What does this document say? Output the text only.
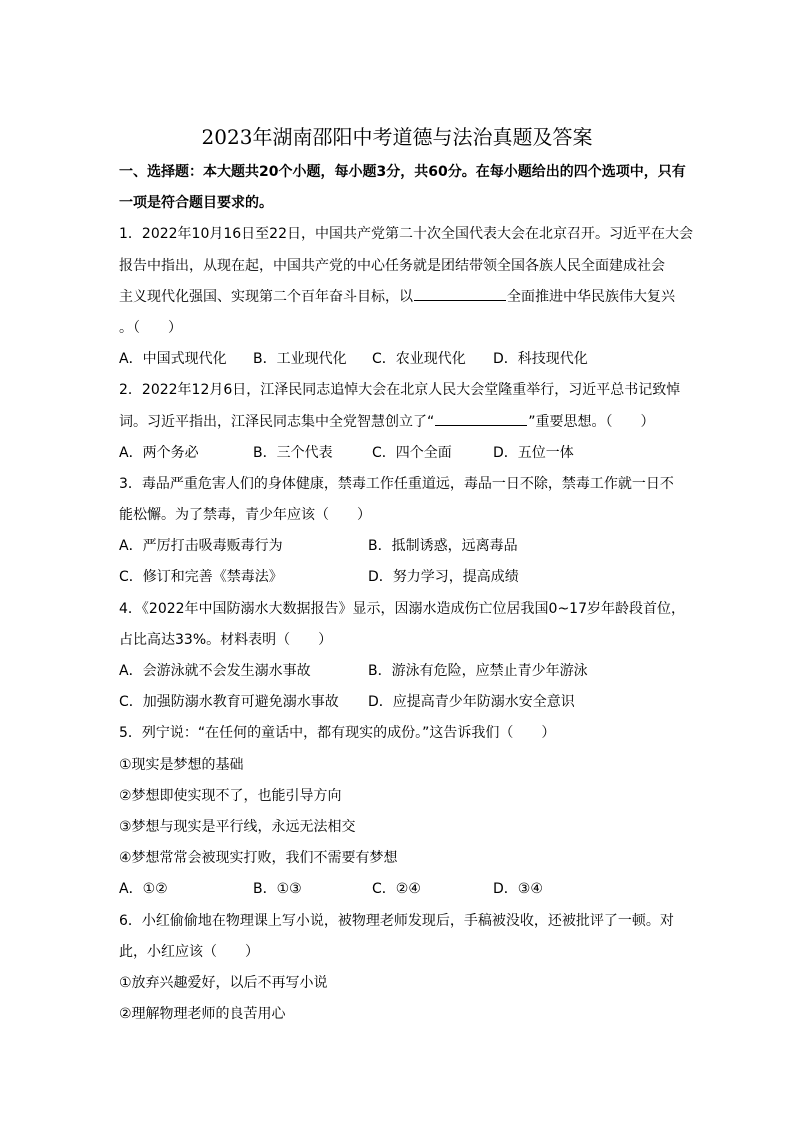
2023年湖南邵阳中考道德与法治真题及答案
一、选择题：本大题共20个小题，每小题3分，共60分。在每小题给出的四个选项中，只有
一项是符合题目要求的。
1．2022年10月16日至22日，中国共产党第二十次全国代表大会在北京召开。习近平在大会
报告中指出，从现在起，中国共产党的中心任务就是团结带领全国各族人民全面建成社会
主义现代化强国、实现第二个百年奋斗目标，以	全面推进中华民族伟大复兴
。（　　）
A．中国式现代化 B．工业现代化 C．农业现代化 D．科技现代化
2．2022年12月6日，江泽民同志追悼大会在北京人民大会堂隆重举行，习近平总书记致悼
词。习近平指出，江泽民同志集中全党智慧创立了“	”重要思想。（　　）
A．两个务必	B．三个代表	C．四个全面	D．五位一体
3．毒品严重危害人们的身体健康，禁毒工作任重道远，毒品一日不除，禁毒工作就一日不
能松懈。为了禁毒，青少年应该（　　）
A．严厉打击吸毒贩毒行为	B．抵制诱惑，远离毒品
C．修订和完善《禁毒法》	D．努力学习，提高成绩
4．《2022年中国防溺水大数据报告》显示，因溺水造成伤亡位居我国0~17岁年龄段首位，
占比高达33%。材料表明（　　）
A．会游泳就不会发生溺水事故	B．游泳有危险，应禁止青少年游泳
C．加强防溺水教育可避免溺水事故 D．应提高青少年防溺水安全意识
5．列宁说：“在任何的童话中，都有现实的成份。”这告诉我们（　　）
①现实是梦想的基础
②梦想即使实现不了，也能引导方向
③梦想与现实是平行线，永远无法相交
④梦想常常会被现实打败，我们不需要有梦想
A．①②	B．①③	C．②④	D．③④
6．小红偷偷地在物理课上写小说，被物理老师发现后，手稿被没收，还被批评了一顿。对
此，小红应该（　　）
①放弃兴趣爱好，以后不再写小说
②理解物理老师的良苦用心
